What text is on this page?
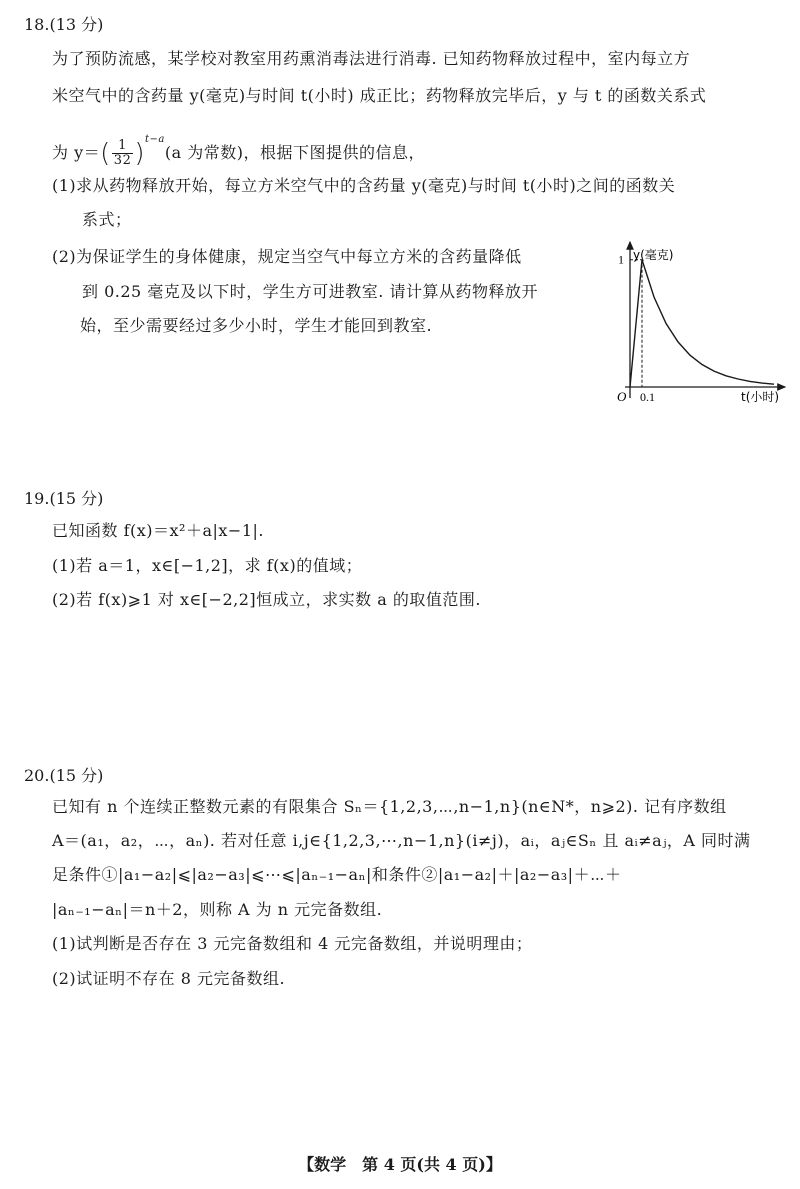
18.(13 分)
为了预防流感，某学校对教室用药熏消毒法进行消毒. 已知药物释放过程中，室内每立方
米空气中的含药量 y(毫克)与时间 t(小时) 成正比；药物释放完毕后，y 与 t 的函数关系式
为 $y=( \frac{1}{32} )^{t-a}(a$ 为常数)，根据下图提供的信息，
(1)求从药物释放开始，每立方米空气中的含药量 y(毫克)与时间 t(小时)之间的函数关
系式；
(2)为保证学生的身体健康，规定当空气中每立方米的含药量降低
到 0.25 毫克及以下时，学生方可进教室. 请计算从药物释放开
始，至少需要经过多少小时，学生才能回到教室.
y(毫克)
1
0.1
O	t(小时)
19.(15 分)
已知函数 f(x)＝x²＋a|x−1|.
(1)若 a＝1，x∈[−1,2]，求 f(x)的值域；
(2)若 f(x)⩾1 对 x∈[−2,2]恒成立，求实数 a 的取值范围.
20.(15 分)
已知有 n 个连续正整数元素的有限集合 Sₙ＝{1,2,3,⋯,n−1,n}(n∈N*，n⩾2). 记有序数组
A＝(a₁，a₂，⋯，aₙ). 若对任意 i,j∈{1,2,3,⋯,n−1,n}(i≠j)，aᵢ，aⱼ∈Sₙ 且 aᵢ≠aⱼ，A 同时满
足条件①|a₁−a₂|⩽|a₂−a₃|⩽⋯⩽|aₙ₋₁−aₙ|和条件②|a₁−a₂|＋|a₂−a₃|＋⋯＋
|aₙ₋₁−aₙ|＝n＋2，则称 A 为 n 元完备数组.
(1)试判断是否存在 3 元完备数组和 4 元完备数组，并说明理由；
(2)试证明不存在 8 元完备数组.
【数学　第 4 页(共 4 页)】
